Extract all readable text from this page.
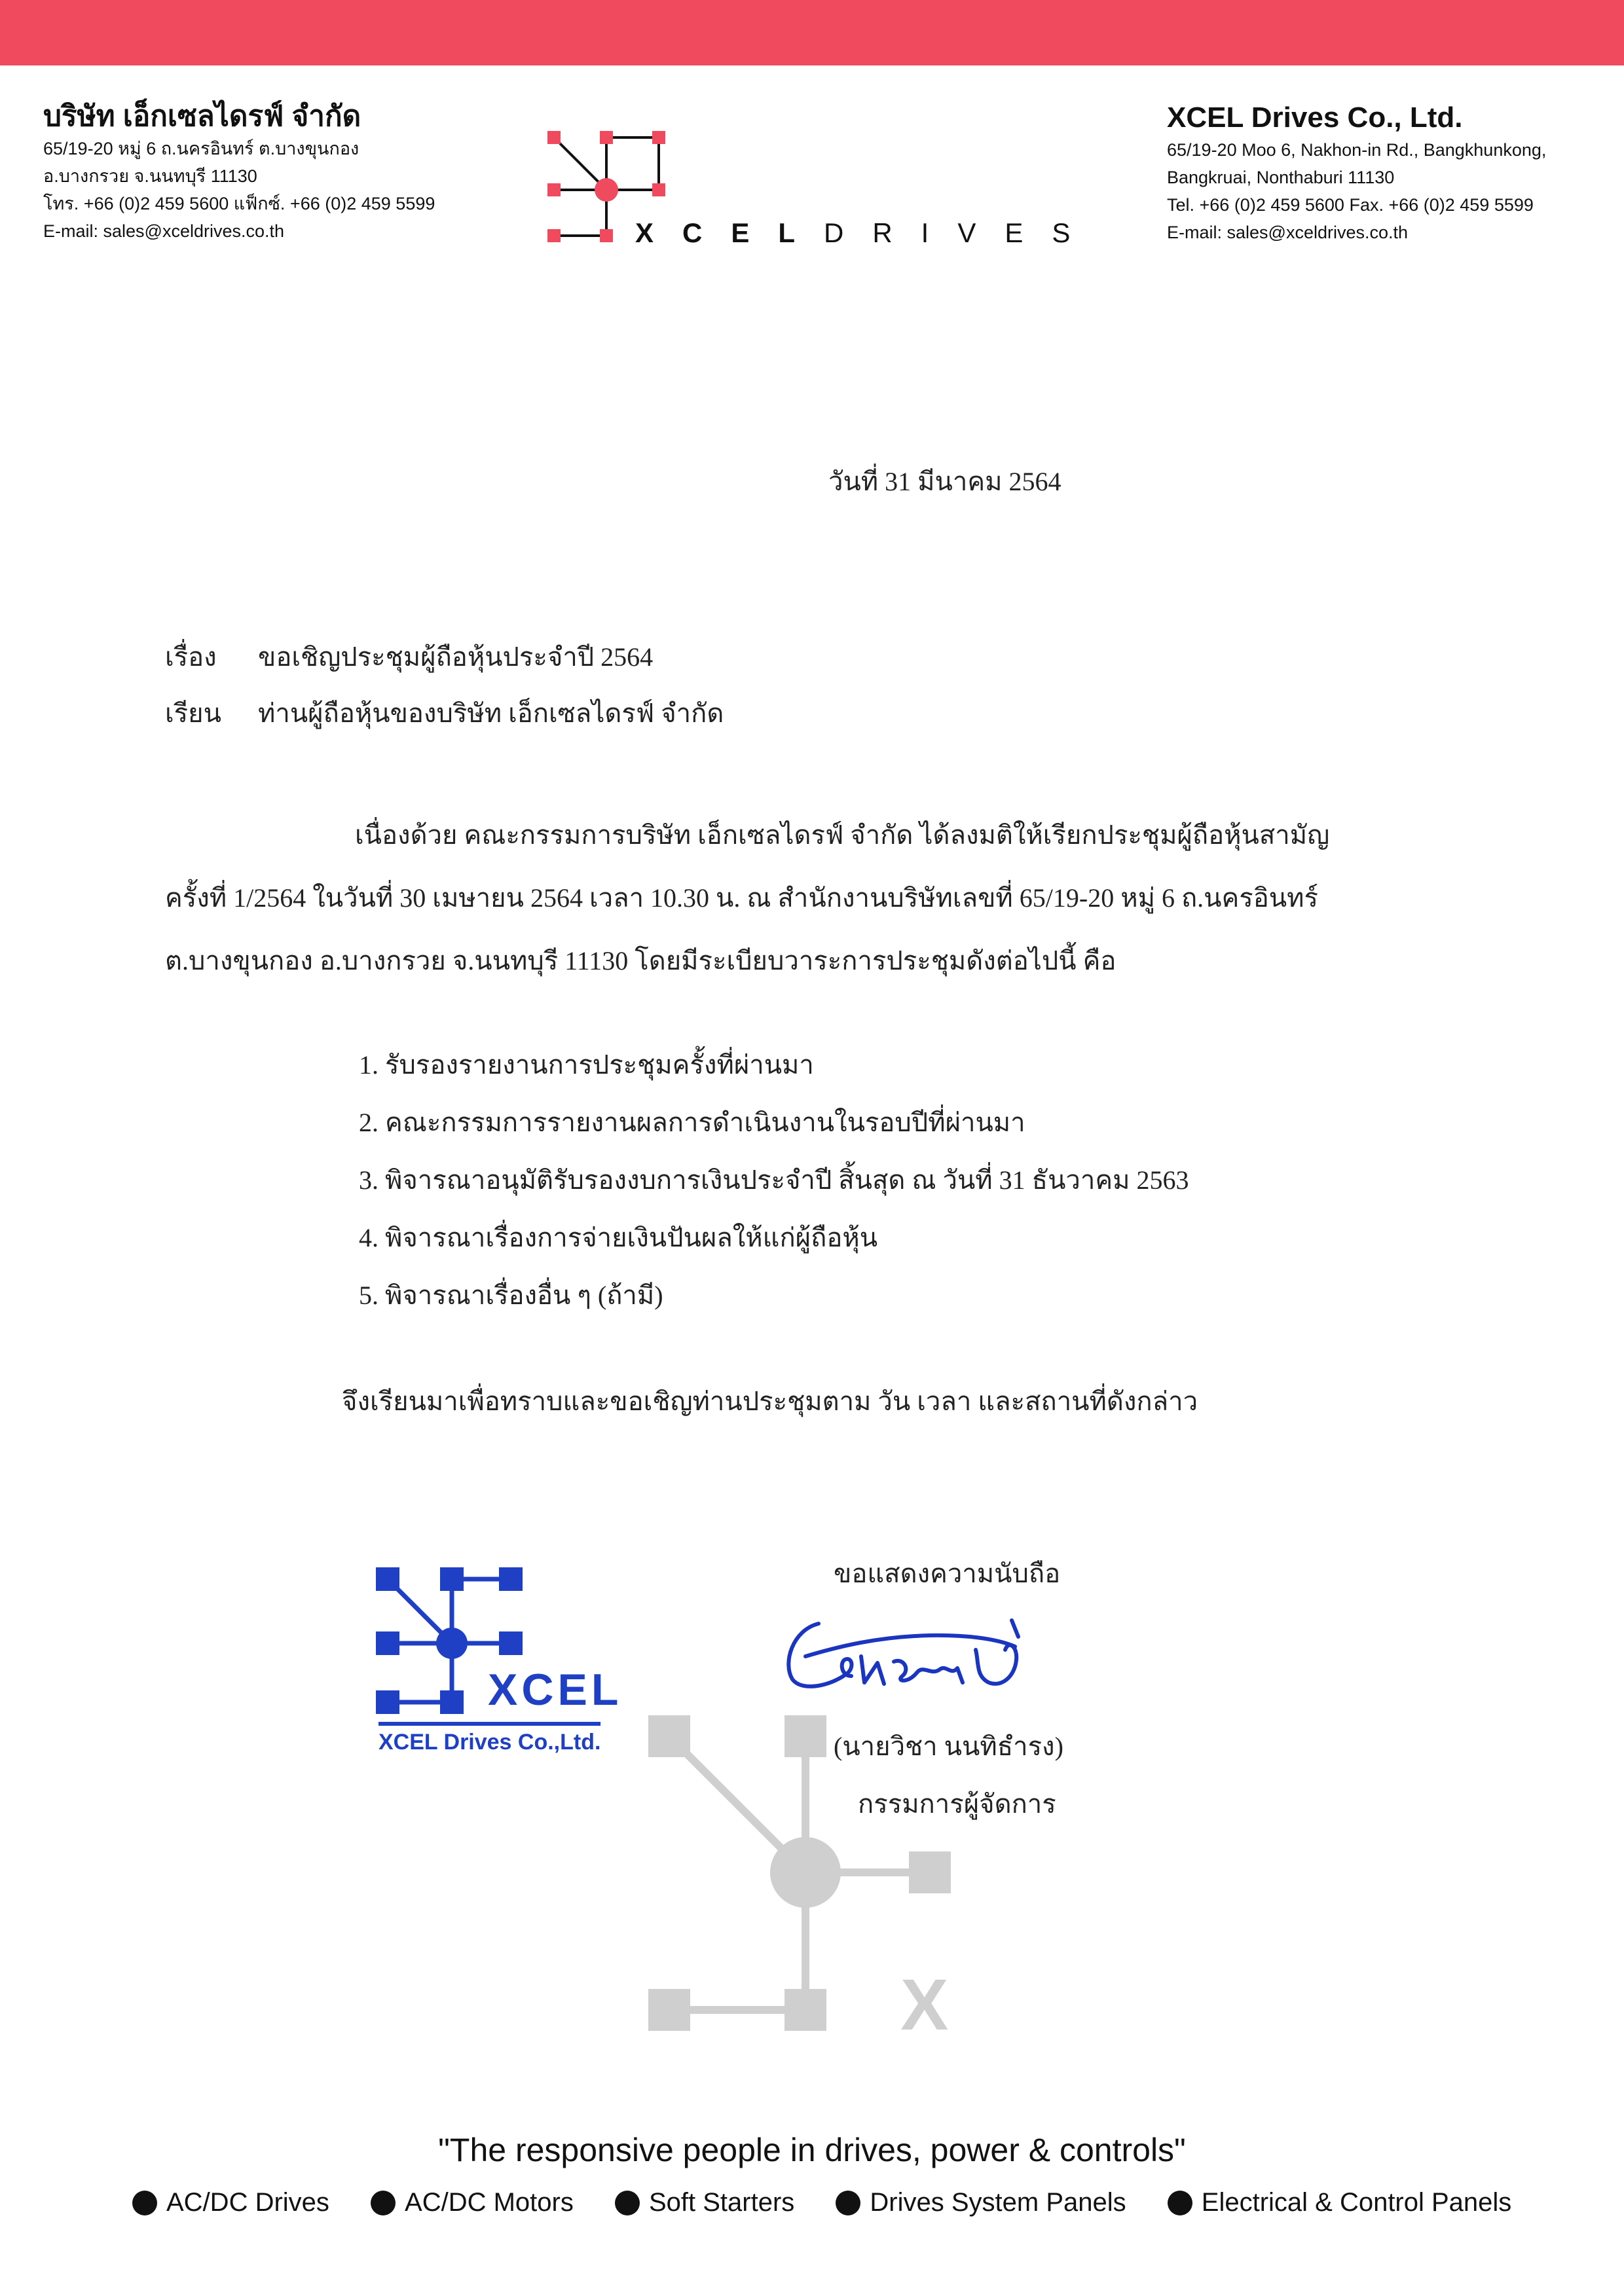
บริษัท เอ็กเซลไดรฟ์ จำกัด
65/19-20 หมู่ 6 ถ.นครอินทร์ ต.บางขุนกอง
อ.บางกรวย จ.นนทบุรี 11130
โทร. +66 (0)2 459 5600 แฟ็กซ์. +66 (0)2 459 5599
E-mail: sales@xceldrives.co.th	XCELDRIVES
XCEL Drives Co., Ltd.
65/19-20 Moo 6, Nakhon-in Rd., Bangkhunkong,
Bangkruai, Nonthaburi 11130
Tel. +66 (0)2 459 5600 Fax. +66 (0)2 459 5599
E-mail: sales@xceldrives.co.th
วันที่ 31 มีนาคม 2564
เรื่อง ขอเชิญประชุมผู้ถือหุ้นประจำปี 2564
เรียน ท่านผู้ถือหุ้นของบริษัท เอ็กเซลไดรฟ์ จำกัด
เนื่องด้วย คณะกรรมการบริษัท เอ็กเซลไดรฟ์ จำกัด ได้ลงมติให้เรียกประชุมผู้ถือหุ้นสามัญ
ครั้งที่ 1/2564 ในวันที่ 30 เมษายน 2564 เวลา 10.30 น. ณ สำนักงานบริษัทเลขที่ 65/19-20 หมู่ 6 ถ.นครอินทร์
ต.บางขุนกอง อ.บางกรวย จ.นนทบุรี 11130 โดยมีระเบียบวาระการประชุมดังต่อไปนี้ คือ
1. รับรองรายงานการประชุมครั้งที่ผ่านมา
2. คณะกรรมการรายงานผลการดำเนินงานในรอบปีที่ผ่านมา
3. พิจารณาอนุมัติรับรองงบการเงินประจำปี สิ้นสุด ณ วันที่ 31 ธันวาคม 2563
4. พิจารณาเรื่องการจ่ายเงินปันผลให้แก่ผู้ถือหุ้น
5. พิจารณาเรื่องอื่น ๆ (ถ้ามี)
จึงเรียนมาเพื่อทราบและขอเชิญท่านประชุมตาม วัน เวลา และสถานที่ดังกล่าว
X
XCEL
XCEL Drives Co.,Ltd.
ขอแสดงความนับถือ
(นายวิชา นนทิธำรง)
กรรมการผู้จัดการ
"The responsive people in drives, power & controls"
AC/DC Drives
	AC/DC Motors
	Soft Starters
	Drives System Panels
	Electrical & Control Panels
